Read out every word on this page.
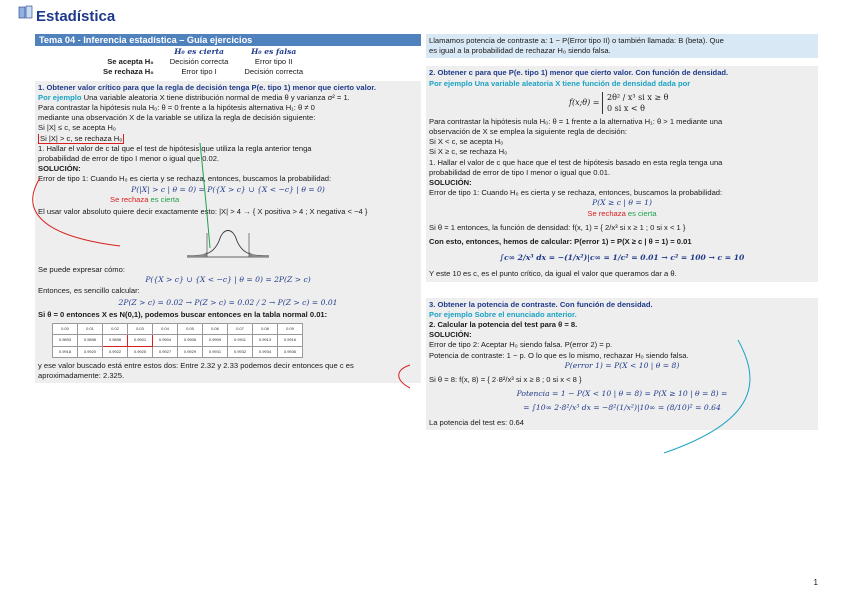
Estadística
Tema 04 - Inferencia estadística – Guía ejercicios
	H₀ es cierta	H₀ es falsa
Se acepta H₀	Decisión correcta	Error tipo II
Se rechaza H₀	Error tipo I	Decisión correcta
1. Obtener valor crítico para que la regla de decisión tenga P(e. tipo 1) menor que cierto valor.
Por ejemplo Una variable aleatoria X tiene distribución normal de media θ y varianza σ² = 1.
Para contrastar la hipótesis nula H₀: θ = 0 frente a la hipótesis alternativa H₁: θ ≠ 0
mediante una observación X de la variable se utiliza la regla de decisión siguiente:
Si |X| ≤ c, se acepta H₀
Si |X| > c, se rechaza H₀
1. Hallar el valor de c tal que el test de hipótesis que utiliza la regla anterior tenga
probabilidad de error de tipo I menor o igual que 0.02.
SOLUCIÓN:
Error de tipo 1: Cuando H₀ es cierta y se rechaza, entonces, buscamos la probabilidad:
P(|X| > c | θ = 0) = P({X > c} ∪ {X < −c} | θ = 0)
Se rechaza es cierta
El usar valor absoluto quiere decir exactamente esto: |X| > 4 → { X positiva > 4 ; X negativa < −4 }
Se puede expresar cómo:
P({X > c} ∪ {X < −c} | θ = 0) = 2P(Z > c)
Entonces, es sencillo calcular:
2P(Z > c) = 0.02 → P(Z > c) = 0.02 / 2 → P(Z > c) = 0.01
Si θ = 0 entonces X es N(0,1), podemos buscar entonces en la tabla normal 0.01:
0.00	0.01	0.02	0.03	0.04	0.05	0.06	0.07	0.08	0.09
0.9893	0.9896	0.9898	0.9901	0.9904	0.9906	0.9909	0.9911	0.9913	0.9916
0.9918	0.9920	0.9922	0.9925	0.9927	0.9929	0.9931	0.9932	0.9934	0.9936
y ese valor buscado está entre estos dos: Entre 2.32 y 2.33 podemos decir entonces que c es
aproximadamente: 2.325.
Llamamos potencia de contraste a: 1 − P(Error tipo II) o también llamada: B (beta). Que
es igual a la probabilidad de rechazar H₀ siendo falsa.
2. Obtener c para que P(e. tipo 1) menor que cierto valor. Con función de densidad.
Por ejemplo Una variable aleatoria X tiene función de densidad dada por
f(x;θ) =
2θ² / x³ si x ≥ θ
0 si x < θ
Para contrastar la hipótesis nula H₀: θ = 1 frente a la alternativa H₁: θ > 1 mediante una
observación de X se emplea la siguiente regla de decisión:
Si X < c, se acepta H₀
Si X ≥ c, se rechaza H₀
1. Hallar el valor de c que hace que el test de hipótesis basado en esta regla tenga una
probabilidad de error de tipo I menor o igual que 0.01.
SOLUCIÓN:
Error de tipo 1: Cuando H₀ es cierta y se rechaza, entonces, buscamos la probabilidad:
P(X ≥ c | θ = 1)
Se rechaza es cierta
Si θ = 1 entonces, la función de densidad: f(x, 1) = { 2/x³ si x ≥ 1 ; 0 si x < 1 }
Con esto, entonces, hemos de calcular: P(error 1) = P(X ≥ c | θ = 1) = 0.01
∫c∞ 2/x³ dx = −(1/x²)|c∞ = 1/c² = 0.01 → c² = 100 → c = 10
Y este 10 es c, es el punto crítico, da igual el valor que queramos dar a θ.
3. Obtener la potencia de contraste. Con función de densidad.
Por ejemplo Sobre el enunciado anterior.
2. Calcular la potencia del test para θ = 8.
SOLUCIÓN:
Error de tipo 2: Aceptar H₀ siendo falsa. P(error 2) = p.
Potencia de contraste: 1 − p. O lo que es lo mismo, rechazar H₀ siendo falsa.
P(error 1) = P(X < 10 | θ = 8)
Si θ = 8: f(x, 8) = { 2·8²/x³ si x ≥ 8 ; 0 si x < 8 }
Potencia = 1 − P(X < 10 | θ = 8) = P(X ≥ 10 | θ = 8) =
= ∫10∞ 2·8²/x³ dx = −8²(1/x²)|10∞ = (8/10)² = 0.64
La potencia del test es: 0.64
1
